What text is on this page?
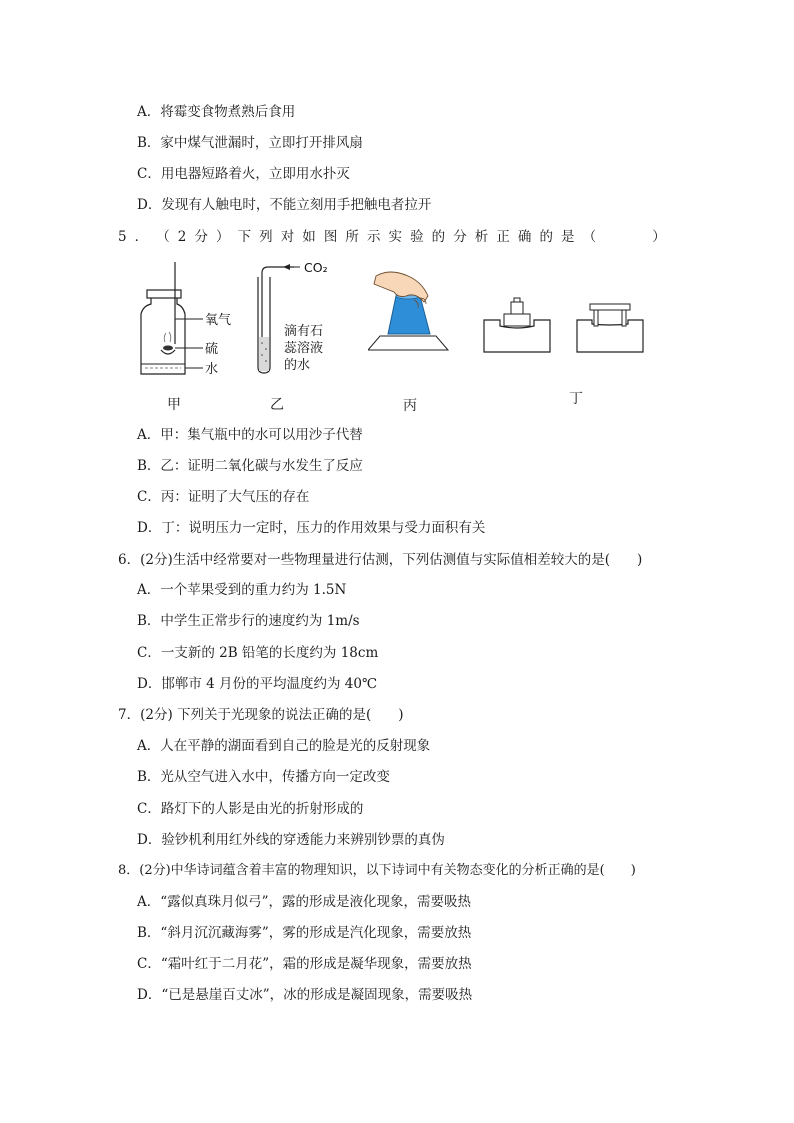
A．将霉变食物煮熟后食用
B．家中煤气泄漏时，立即打开排风扇
C．用电器短路着火，立即用水扑灭
D．发现有人触电时，不能立刻用手把触电者拉开
5 ． （ 2 分 ） 下 列 对 如 图 所 示 实 验 的 分 析 正 确 的 是 （	）
氧气
硫
水
甲
CO₂
滴有石
蕊溶液
的水
乙	丙	丁
A．甲：集气瓶中的水可以用沙子代替
B．乙：证明二氧化碳与水发生了反应
C．丙：证明了大气压的存在
D．丁：说明压力一定时，压力的作用效果与受力面积有关
6．(2分)生活中经常要对一些物理量进行估测，下列估测值与实际值相差较大的是(　　)
A．一个苹果受到的重力约为 1.5N
B．中学生正常步行的速度约为 1m/s
C．一支新的 2B 铅笔的长度约为 18cm
D．邯郸市 4 月份的平均温度约为 40℃
7．(2分) 下列关于光现象的说法正确的是(　　)
A．人在平静的湖面看到自己的脸是光的反射现象
B．光从空气进入水中，传播方向一定改变
C．路灯下的人影是由光的折射形成的
D．验钞机利用红外线的穿透能力来辨别钞票的真伪
8．(2分)中华诗词蕴含着丰富的物理知识，以下诗词中有关物态变化的分析正确的是(　　)
A．“露似真珠月似弓”，露的形成是液化现象，需要吸热
B．“斜月沉沉藏海雾”，雾的形成是汽化现象，需要放热
C．“霜叶红于二月花”，霜的形成是凝华现象，需要放热
D．“已是悬崖百丈冰”，冰的形成是凝固现象，需要吸热
